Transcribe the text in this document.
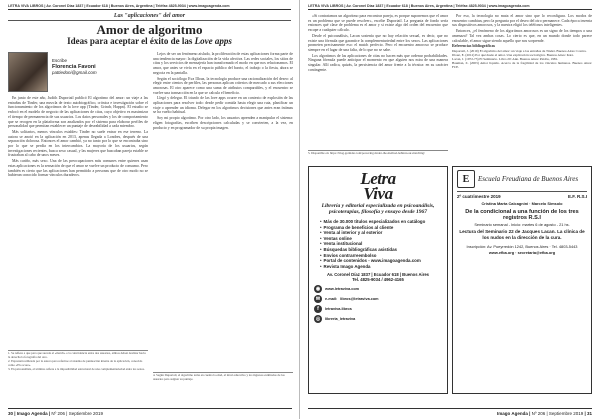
LETRA VIVA LIBROS | Av. Coronel Díaz 1837 | Ecuador 618 | Buenos Aires, Argentina | Teléfax 4825-9034 | www.imagoagenda.com
Las "aplicaciones" del amor
Amor de algoritmo
Ideas para aceptar el éxito de las Love apps
Escribe
Florencia Favoni
pattiedoni@gmail.com

En junio de este año, Judith Duportail publicó El algoritmo del amor: un viaje a las entrañas de Tinder, una mezcla de texto autobiográfico, crónica e investigación sobre el funcionamiento de los algoritmos de la love app (Tinder, Grindr, Happn). El estudio se enfocó en el modelo de negocio de las aplicaciones de citas, cuyo objetivo es maximizar el tiempo de permanencia de sus usuarios. Los datos personales y los de comportamiento que se recogen en la plataforma son analizados por el sistema para elaborar perfiles de personalidad que permitan establecer un puntaje de deseabilidad a cada miembro.

Más solitarios, menos vínculos estables: Tinder no suele entrar en ese terreno. La autora se anotó en la aplicación en 2013, apenas llegada a Londres, después de una separación dolorosa. Entonces el amor cambió, ya no tanto por lo que se encontraba sino por lo que se perdía en los intercambios. La mayoría de los usuarios, según investigaciones recientes, busca sexo casual, y las mujeres que buscaban pareja estable se frustraban al cabo de unos meses.

Más cariño, más sexo. Una de las preocupaciones más comunes entre quienes usan estas aplicaciones es la sensación de que el amor se vuelve un producto de consumo. Pero también es cierto que las aplicaciones han permitido a personas que de otro modo no se hubieran conocido formar vínculos duraderos.

1. Se refiere a que para que suceda el «match» o la coincidencia entre dos usuarios, ambos deben deslizar hacia la derecha la fotografía del otro.
2. Expresión utilizada por la autora para referirse al sistema de puntuación interna de la aplicación, conocido como «Elo score».
3. En psicoanálisis, el término refiere a la imposibilidad estructural de una complementariedad entre los sexos.

Lejos de ser un fenómeno aislado, la proliferación de estas aplicaciones forma parte de una tendencia mayor: la digitalización de la vida afectiva. Las redes sociales, los sitios de citas y los servicios de mensajería han transformado el modo en que nos relacionamos. El amor, que antes se vivía en el espacio público del barrio, el trabajo o la fiesta, ahora se negocia en la pantalla.

Según el sociólogo Eva Illouz, la tecnología produce una racionalización del deseo: al elegir entre cientos de perfiles, las personas aplican criterios de mercado a sus elecciones amorosas. El otro aparece como una suma de atributos comparables, y el encuentro se vuelve una transacción en la que se calcula el beneficio.

Llegó y delegar. El triunfo de las love apps ocurre en un contexto de explosión de las aplicaciones para resolver todo: desde pedir comida hasta elegir una ruta, planificar un viaje o aprender un idioma. Delegar en los algoritmos decisiones que antes eran íntimas se ha vuelto habitual.

Soy mi propio algoritmo. Por otro lado, los usuarios aprenden a manipular el sistema: eligen fotografías, escriben descripciones calculadas y se convierten, a la vez, en producto y en programador de su propia imagen.

4. Según Duportail, el algoritmo toma en cuenta la edad, el nivel educativo y los ingresos estimados de los usuarios para asignar su puntaje.
30 | Imago Agenda | Nº 206 | Septiembre 2019
LETRA VIVA LIBROS | Av. Coronel Díaz 1837 | Ecuador 618 | Buenos Aires, Argentina | Teléfax 4825-9034 | www.imagoagenda.com

«Si contratamos un algoritmo para encontrar pareja, es porque suponemos que el amor es un problema que se puede resolver», escribe Duportail. La pregunta de fondo sería entonces qué clase de problema es el amor y si existe algo del orden del encuentro que escape a cualquier cálculo.

Desde el psicoanálisis, Lacan sostenía que no hay relación sexual, es decir, que no existe una fórmula que garantice la complementariedad entre los sexos. Las aplicaciones prometen precisamente eso: el match perfecto. Pero el encuentro amoroso se produce siempre en el lugar de una falta, de lo que no se sabe.

Los algoritmos de las aplicaciones de citas no hacen más que ordenar probabilidades. Ninguna fórmula puede anticipar el momento en que alguien nos mira de una manera singular. Allí radica, quizás, la persistencia del amor frente a la técnica: en su carácter contingente.

5. Disponible en: https://blog.gotinder.com/powering-tinder-the-method-behind-our-matching/

Por eso, la tecnología no mata el amor sino que lo reconfigura. Los modos de encuentro cambian, pero la pregunta por el deseo del otro permanece. Cada época inventa sus dispositivos amorosos, y la nuestra eligió los teléfonos inteligentes.

Entonces, ¿el fenómeno de los algoritmos amorosos es un signo de los tiempos o una amenaza? Tal vez ambas cosas. Lo cierto es que, en un mundo donde todo parece calculable, el amor sigue siendo aquello que nos sorprende.

Referencias bibliográficas
Duportail, J. (2019) El algoritmo del amor: un viaje a las entrañas de Tinder. Buenos Aires: Contra.
Illouz, E. (2012) Por qué duele el amor. Una explicación sociológica. Buenos Aires: Katz.
Lacan, J. (1972-73) El Seminario. Libro 20: Aún. Buenos Aires: Paidós, 1981.
Bauman, Z. (2003) Amor líquido. Acerca de la fragilidad de los vínculos humanos. Buenos Aires: FCE.
Letra
Viva
Librería y editorial especializada en psicoanálisis, psicoterapias, filosofía y ensayo desde 1967
• Más de 30.000 títulos especializados en catálogo
• Programa de beneficios al cliente
• Venta al interior y al exterior
• Ventas online
• Venta institucional
• Búsquedas bibliográficas asistidas
• Envíos contrarreembolso
• Portal de contenidos - www.imagoagenda.com
• Revista Imago Agenda
Av. Coronel Díaz 1837 | Ecuador 618 | Buenos Aires
Tel. 4825-9034 / 4962-4165
◉	www.letraviva.com
✉	e-mail: libros@letraviva.com
f	letraviva.libros
◎	libreria_letraviva
E	Escuela Freudiana de Buenos Aires
2º cuatrimestre 2019	E.F. R.S.I
Cristina Marta Calcagnini · Marcelo Simsolo
De la condicional a una función de los tres registros R.S.I
Seminario semanal - Inicio: martes 6 de agosto - 21 hs.
Lectura del Seminario 22 de Jacques Lacan. La clínica de los nudos en la dirección de la cura.
Inscripción: Av. Pueyrredón 1242, Buenos Aires · Tel. 4803-5443
www.efba.org · secretaria@efba.org
Imago Agenda | Nº 206 | Septiembre 2019 | 31
